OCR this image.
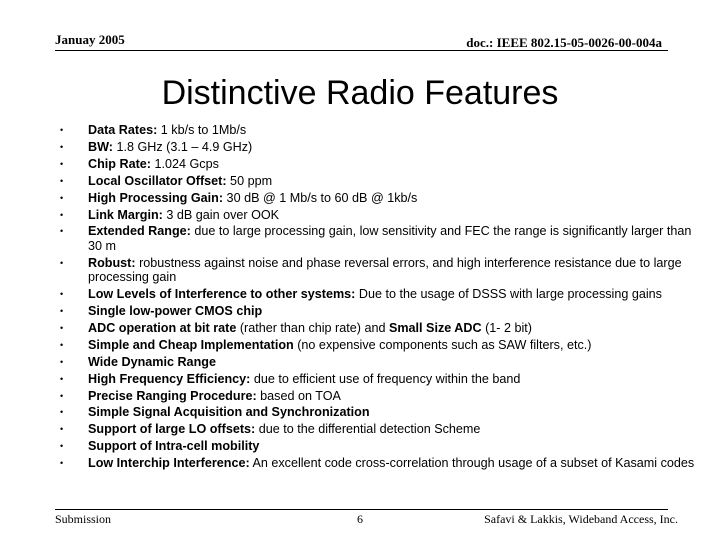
Januay 2005	doc.: IEEE 802.15-05-0026-00-004a
Distinctive Radio Features
•	Data Rates: 1 kb/s to 1Mb/s
•	BW: 1.8 GHz (3.1 – 4.9 GHz)
•	Chip Rate: 1.024 Gcps
•	Local Oscillator Offset: 50 ppm
•	High Processing Gain: 30 dB @ 1 Mb/s to 60 dB @ 1kb/s
•	Link Margin: 3 dB gain over OOK
•	Extended Range: due to large processing gain, low sensitivity and FEC the range is significantly larger than 30 m
•	Robust: robustness against noise and phase reversal errors, and high interference resistance due to large processing gain
•	Low Levels of Interference to other systems: Due to the usage of DSSS with large processing gains
•	Single low-power CMOS chip
•	ADC operation at bit rate (rather than chip rate) and Small Size ADC (1- 2 bit)
•	Simple and Cheap Implementation (no expensive components such as SAW filters, etc.)
•	Wide Dynamic Range
•	High Frequency Efficiency: due to efficient use of frequency within the band
•	Precise Ranging Procedure: based on TOA
•	Simple Signal Acquisition and Synchronization
•	Support of large LO offsets: due to the differential detection Scheme
•	Support of Intra-cell mobility
•	Low Interchip Interference: An excellent code cross-correlation through usage of a subset of Kasami codes
Submission	6	Safavi & Lakkis, Wideband Access, Inc.
